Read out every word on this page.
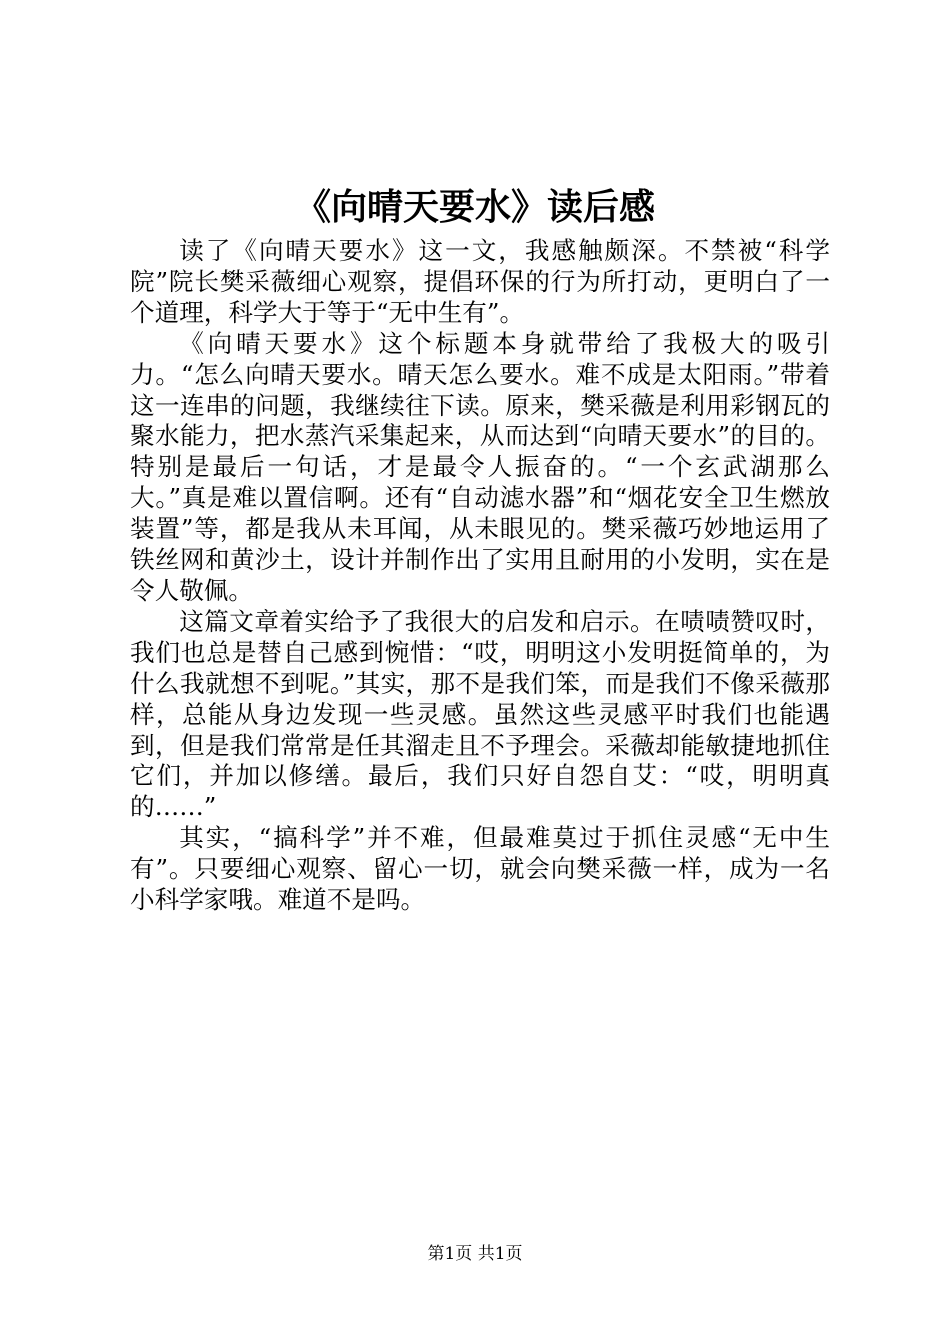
《向晴天要水》读后感

读了《向晴天要水》这一文，我感触颇深。不禁被“科学院”院长樊采薇细心观察，提倡环保的行为所打动，更明白了一个道理，科学大于等于“无中生有”。

《向晴天要水》这个标题本身就带给了我极大的吸引力。“怎么向晴天要水。晴天怎么要水。难不成是太阳雨。”带着这一连串的问题，我继续往下读。原来，樊采薇是利用彩钢瓦的聚水能力，把水蒸汽采集起来，从而达到“向晴天要水”的目的。特别是最后一句话，才是最令人振奋的。“一个玄武湖那么大。”真是难以置信啊。还有“自动滤水器”和“烟花安全卫生燃放装置”等，都是我从未耳闻，从未眼见的。樊采薇巧妙地运用了铁丝网和黄沙土，设计并制作出了实用且耐用的小发明，实在是令人敬佩。

这篇文章着实给予了我很大的启发和启示。在啧啧赞叹时，我们也总是替自己感到惋惜：“哎，明明这小发明挺简单的，为什么我就想不到呢。”其实，那不是我们笨，而是我们不像采薇那样，总能从身边发现一些灵感。虽然这些灵感平时我们也能遇到，但是我们常常是任其溜走且不予理会。采薇却能敏捷地抓住它们，并加以修缮。最后，我们只好自怨自艾：“哎，明明真的……”

其实，“搞科学”并不难，但最难莫过于抓住灵感“无中生有”。只要细心观察、留心一切，就会向樊采薇一样，成为一名小科学家哦。难道不是吗。

第1页 共1页
